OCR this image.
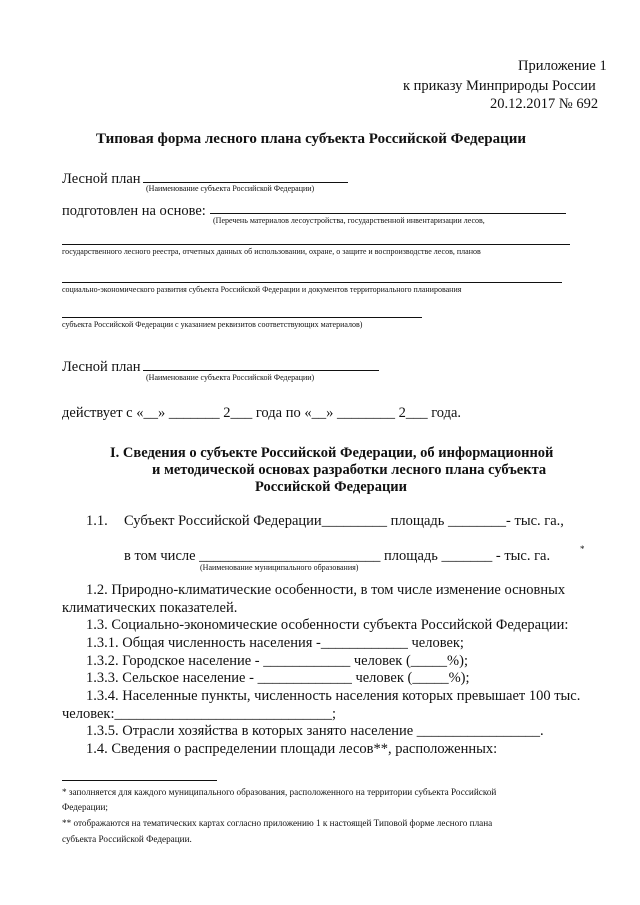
Приложение 1
к приказу Минприроды России
20.12.2017 № 692
Типовая форма лесного плана субъекта Российской Федерации
Лесной план
(Наименование субъекта Российской Федерации)
подготовлен на основе:
(Перечень материалов лесоустройства, государственной инвентаризации лесов,
государственного лесного реестра, отчетных данных об использовании, охране, о защите и воспроизводстве лесов, планов
социально-экономического развития субъекта Российской Федерации и документов территориального планирования
субъекта Российской Федерации с указанием реквизитов соответствующих материалов)
Лесной план
(Наименование субъекта Российской Федерации)
действует с «__» _______ 2___ года по «__» ________ 2___ года.
I. Сведения о субъекте Российской Федерации, об информационной
и методической основах разработки лесного плана субъекта
Российской Федерации
1.1. Субъект Российской Федерации_________ площадь ________- тыс. га.,
в том числе _________________________ площадь _______ - тыс. га.	*
(Наименование муниципального образования)
1.2. Природно-климатические особенности, в том числе изменение основных
климатических показателей.
1.3. Социально-экономические особенности субъекта Российской Федерации:
1.3.1. Общая численность населения -____________ человек;
1.3.2. Городское население - ____________ человек (_____%);
1.3.3. Сельское население - _____________ человек (_____%);
1.3.4. Населенные пункты, численность населения которых превышает 100 тыс.
человек:______________________________;
1.3.5. Отрасли хозяйства в которых занято население _________________.
1.4. Сведения о распределении площади лесов**, расположенных:
* заполняется для каждого муниципального образования, расположенного на территории субъекта Российской
Федерации;
** отображаются на тематических картах согласно приложению 1 к настоящей Типовой форме лесного плана
субъекта Российской Федерации.
